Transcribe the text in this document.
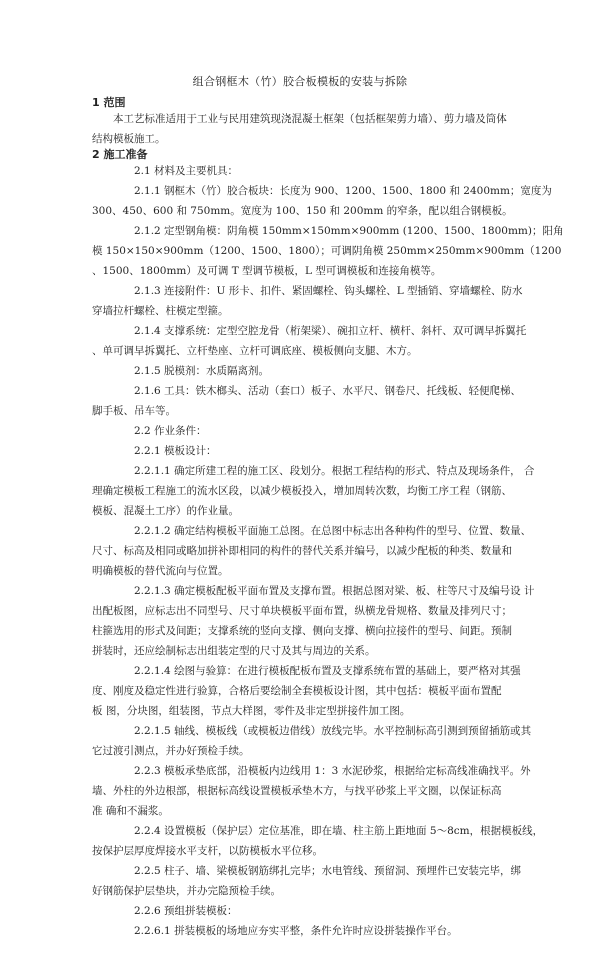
组合钢框木（竹）胶合板模板的安装与拆除
1 范围
　　本工艺标准适用于工业与民用建筑现浇混凝土框架（包括框架剪力墙）、剪力墙及筒体
结构模板施工。
2 施工准备
　　　　2.1 材料及主要机具：
　　　　2.1.1 钢框木（竹）胶合板块：长度为 900、1200、1500、1800 和 2400mm；宽度为
300、450、600 和 750mm。宽度为 100、150 和 200mm 的窄条，配以组合钢模板。
　　　　2.1.2 定型钢角模：阴角模 150mm×150mm×900mm (1200、1500、1800mm)；阳角
模 150×150×900mm（1200、1500、1800）；可调阴角模 250mm×250mm×900mm（1200
、1500、1800mm）及可调 T 型调节模板，L 型可调模板和连接角模等。
　　　　2.1.3 连接附件：U 形卡、扣件、紧固螺栓、钩头螺栓、L 型插销、穿墙螺栓、防水
穿墙拉杆螺栓、柱模定型箍。
　　　　2.1.4 支撑系统：定型空腔龙骨（桁架梁）、碗扣立杆、横杆、斜杆、双可调早拆翼托
、单可调早拆翼托、立杆垫座、立杆可调底座、模板侧向支腿、木方。
　　　　2.1.5 脱模剂：水质隔离剂。
　　　　2.1.6 工具：铁木榔头、活动（套口）板子、水平尺、钢卷尺、托线板、轻便爬梯、
脚手板、吊车等。
　　　　2.2 作业条件：
　　　　2.2.1 模板设计：
　　　　2.2.1.1 确定所建工程的施工区、段划分。根据工程结构的形式、特点及现场条件， 合
理确定模板工程施工的流水区段，以减少模板投入，增加周转次数，均衡工序工程（钢筋、
模板、混凝土工序）的作业量。
　　　　2.2.1.2 确定结构模板平面施工总图。在总图中标志出各种构件的型号、位置、数量、
尺寸、标高及相同或略加拼补即相同的构件的替代关系并编号，以减少配板的种类、数量和
明确模板的替代流向与位置。
　　　　2.2.1.3 确定模板配板平面布置及支撑布置。根据总图对梁、板、柱等尺寸及编号设 计
出配板图，应标志出不同型号、尺寸单块模板平面布置，纵横龙骨规格、数量及排列尺寸；
柱箍选用的形式及间距；支撑系统的竖向支撑、侧向支撑、横向拉接件的型号、间距。预制
拼装时，还应绘制标志出组装定型的尺寸及其与周边的关系。
　　　　2.2.1.4 绘图与验算：在进行模板配板布置及支撑系统布置的基础上，要严格对其强
度、刚度及稳定性进行验算，合格后要绘制全套模板设计图，其中包括：模板平面布置配
板 图，分块图，组装图，节点大样图，零件及非定型拼接件加工图。
　　　　2.2.1.5 轴线、模板线（或模板边借线）放线完毕。水平控制标高引测到预留插筋或其
它过渡引测点，并办好预检手续。
　　　　2.2.3 模板承垫底部，沿模板内边线用 1：3 水泥砂浆，根据给定标高线准确找平。外
墙、外柱的外边根部，根据标高线设置模板承垫木方，与找平砂浆上平文圈，以保证标高
准 确和不漏浆。
　　　　2.2.4 设置模板（保护层）定位基准，即在墙、柱主筋上距地面 5～8cm，根据模板线，
按保护层厚度焊接水平支杆，以防模板水平位移。
　　　　2.2.5 柱子、墙、梁模板钢筋绑扎完毕；水电管线、预留洞、预埋件已安装完毕，绑
好钢筋保护层垫块，并办完隐预检手续。
　　　　2.2.6 预组拼装模板：
　　　　2.2.6.1 拼装模板的场地应夯实平整，条件允许时应设拼装操作平台。
